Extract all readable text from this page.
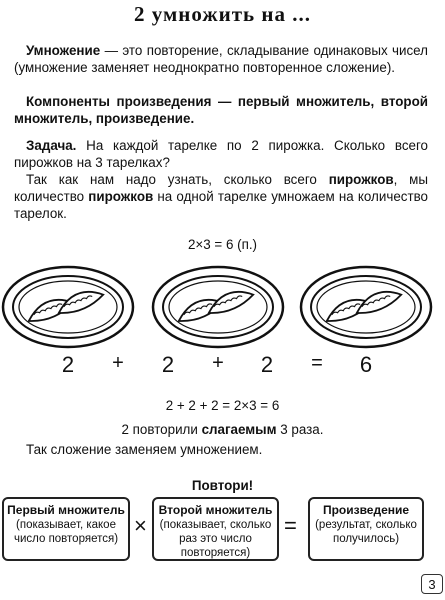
2 умножить на ...

Умножение — это повторение, складывание одинаковых чисел (умножение заменяет неоднократно повторенное сложение).

Компоненты произведения — первый множитель, второй множитель, произведение.

Задача. На каждой тарелке по 2 пирожка. Сколько всего пирожков на 3 тарелках?

Так как нам надо узнать, сколько всего пирожков, мы количество пирожков на одной тарелке умножаем на количество тарелок.

2×3 = 6 (п.)

2 + 2 + 2 = 6

2 + 2 + 2 = 2×3 = 6

2 повторили слагаемым 3 раза.

Так сложение заменяем умножением.

Повтори!

Первый множитель
(показывает, какое число повторяется)
×
Второй множитель
(показывает, сколько раз это число повторяется)
=
Произведение
(результат, сколько получилось)
3
